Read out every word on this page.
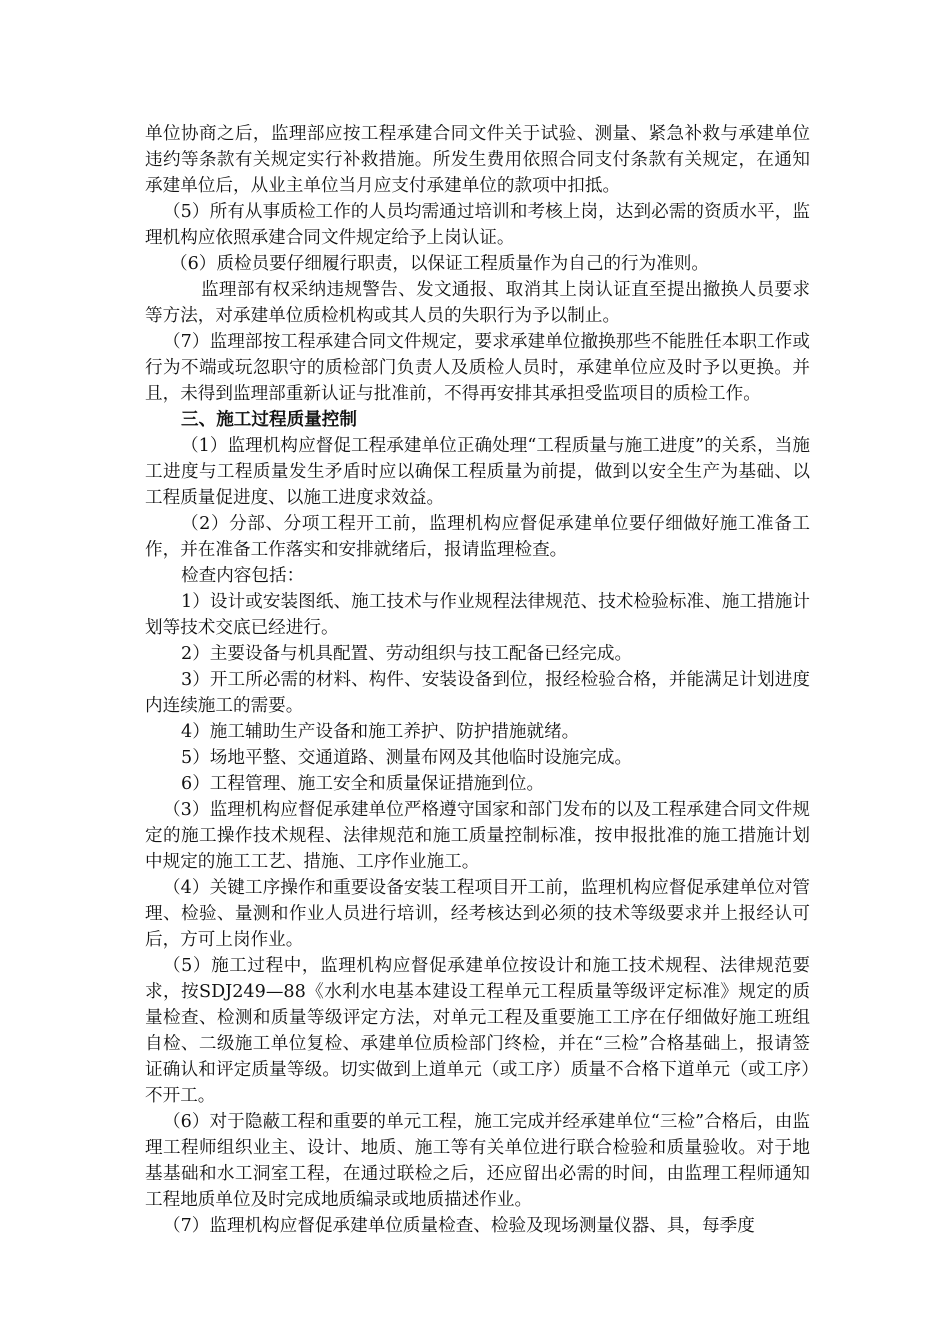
单位协商之后，监理部应按工程承建合同文件关于试验、测量、紧急补救与承建单位违约等条款有关规定实行补救措施。所发生费用依照合同支付条款有关规定，在通知承建单位后，从业主单位当月应支付承建单位的款项中扣抵。

（5）所有从事质检工作的人员均需通过培训和考核上岗，达到必需的资质水平，监理机构应依照承建合同文件规定给予上岗认证。

（6）质检员要仔细履行职责，以保证工程质量作为自己的行为准则。

监理部有权采纳违规警告、发文通报、取消其上岗认证直至提出撤换人员要求等方法，对承建单位质检机构或其人员的失职行为予以制止。

（7）监理部按工程承建合同文件规定，要求承建单位撤换那些不能胜任本职工作或行为不端或玩忽职守的质检部门负责人及质检人员时，承建单位应及时予以更换。并且，未得到监理部重新认证与批准前，不得再安排其承担受监项目的质检工作。

三、施工过程质量控制

（1）监理机构应督促工程承建单位正确处理“工程质量与施工进度”的关系，当施工进度与工程质量发生矛盾时应以确保工程质量为前提，做到以安全生产为基础、以工程质量促进度、以施工进度求效益。

（2）分部、分项工程开工前，监理机构应督促承建单位要仔细做好施工准备工作，并在准备工作落实和安排就绪后，报请监理检查。

检查内容包括：

1）设计或安装图纸、施工技术与作业规程法律规范、技术检验标准、施工措施计划等技术交底已经进行。

2）主要设备与机具配置、劳动组织与技工配备已经完成。

3）开工所必需的材料、构件、安装设备到位，报经检验合格，并能满足计划进度内连续施工的需要。

4）施工辅助生产设备和施工养护、防护措施就绪。

5）场地平整、交通道路、测量布网及其他临时设施完成。

6）工程管理、施工安全和质量保证措施到位。

（3）监理机构应督促承建单位严格遵守国家和部门发布的以及工程承建合同文件规定的施工操作技术规程、法律规范和施工质量控制标准，按申报批准的施工措施计划中规定的施工工艺、措施、工序作业施工。

（4）关键工序操作和重要设备安装工程项目开工前，监理机构应督促承建单位对管理、检验、量测和作业人员进行培训，经考核达到必须的技术等级要求并上报经认可后，方可上岗作业。

（5）施工过程中，监理机构应督促承建单位按设计和施工技术规程、法律规范要求，按SDJ249—88《水利水电基本建设工程单元工程质量等级评定标准》规定的质量检查、检测和质量等级评定方法，对单元工程及重要施工工序在仔细做好施工班组自检、二级施工单位复检、承建单位质检部门终检，并在“三检”合格基础上，报请签证确认和评定质量等级。切实做到上道单元（或工序）质量不合格下道单元（或工序）不开工。

（6）对于隐蔽工程和重要的单元工程，施工完成并经承建单位“三检”合格后，由监理工程师组织业主、设计、地质、施工等有关单位进行联合检验和质量验收。对于地基基础和水工洞室工程，在通过联检之后，还应留出必需的时间，由监理工程师通知工程地质单位及时完成地质编录或地质描述作业。

（7）监理机构应督促承建单位质量检查、检验及现场测量仪器、具，每季度
